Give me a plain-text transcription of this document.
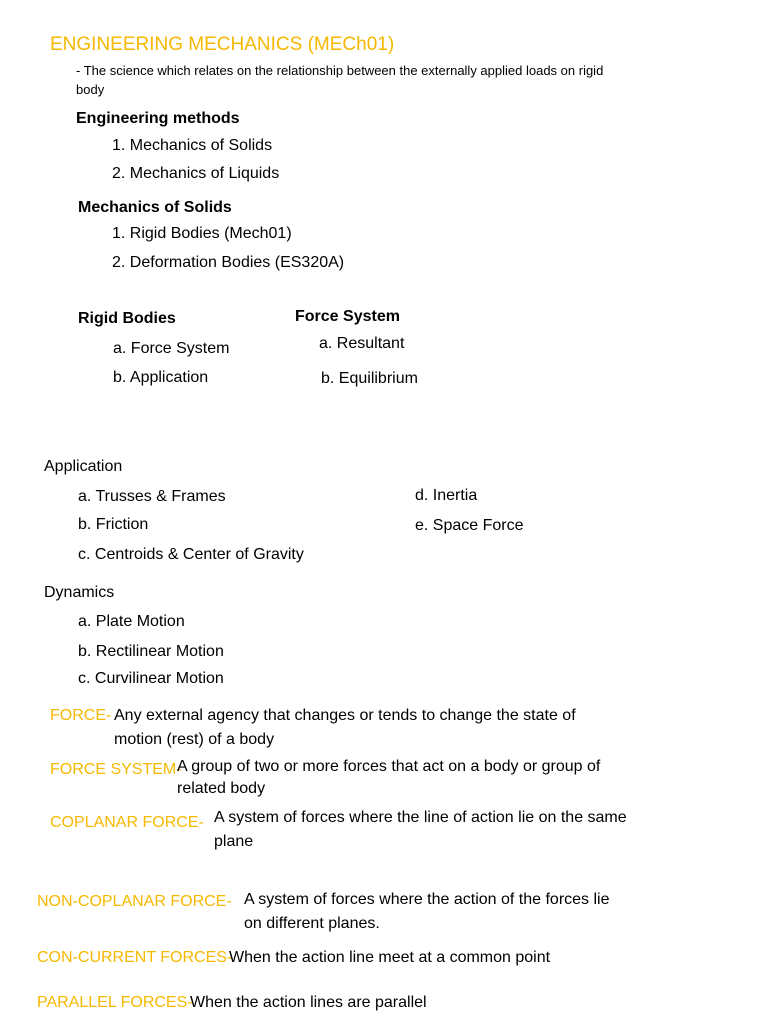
ENGINEERING MECHANICS (MECh01)
- The science which relates on the relationship between the externally applied loads on rigid
body
Engineering methods
1. Mechanics of Solids
2. Mechanics of Liquids
Mechanics of Solids
1. Rigid Bodies (Mech01)
2. Deformation Bodies (ES320A)
Rigid Bodies
a. Force System
b. Application
Force System
a. Resultant
b. Equilibrium
Application
a. Trusses & Frames
b. Friction
c. Centroids & Center of Gravity
d. Inertia
e. Space Force
Dynamics
a. Plate Motion
b. Rectilinear Motion
c. Curvilinear Motion
FORCE- Any external agency that changes or tends to change the state of
motion (rest) of a body
FORCE SYSTEM-
A group of two or more forces that act on a body or group of
related body
COPLANAR FORCE- A system of forces where the line of action lie on the same
plane
NON-COPLANAR FORCE- A system of forces where the action of the forces lie
on different planes.
CON-CURRENT FORCES-
When the action line meet at a common point
PARALLEL FORCES-
When the action lines are parallel
